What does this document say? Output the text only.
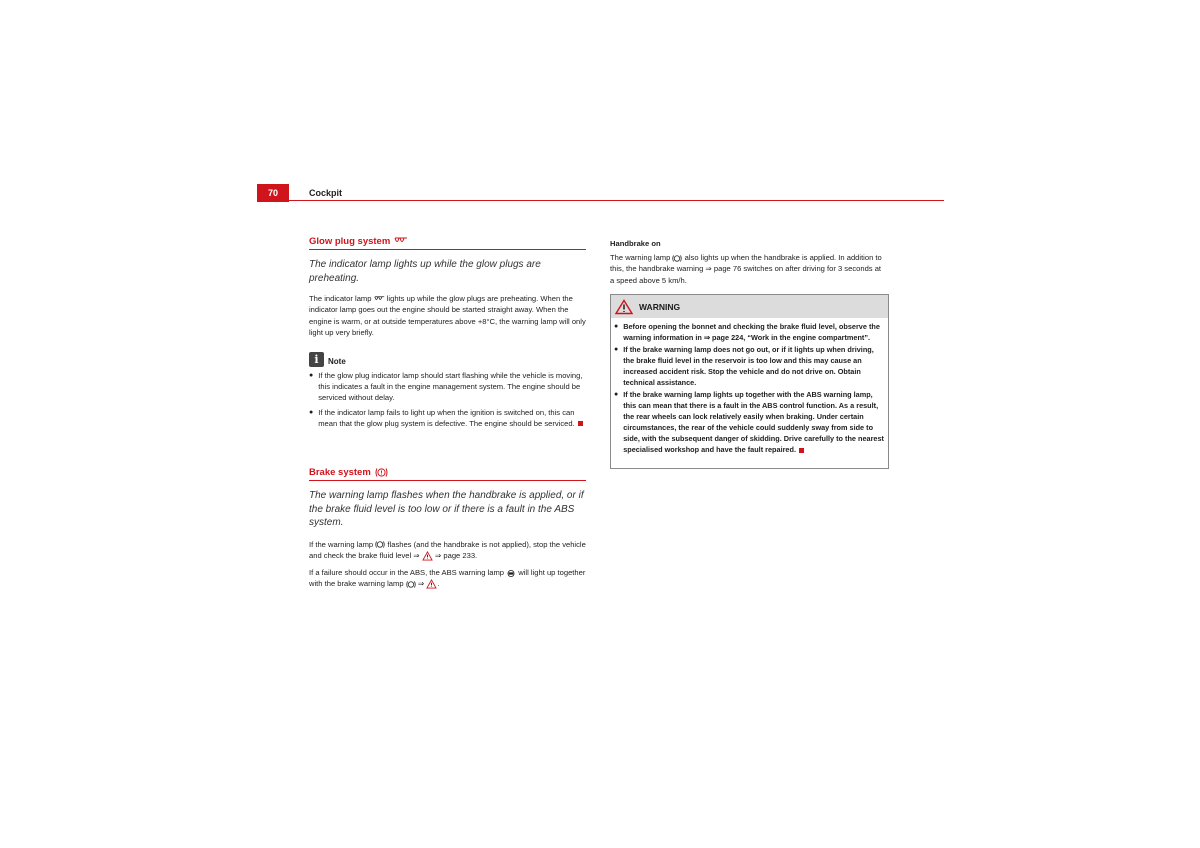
70	Cockpit
Glow plug system
The indicator lamp lights up while the glow plugs are preheating.

The indicator lamp lights up while the glow plugs are preheating. When the indicator lamp goes out the engine should be started straight away. When the engine is warm, or at outside temperatures above +8°C, the warning lamp will only light up very briefly.

i	Note

● If the glow plug indicator lamp should start flashing while the vehicle is moving, this indicates a fault in the engine management system. The engine should be serviced without delay.

● If the indicator lamp fails to light up when the ignition is switched on, this can mean that the glow plug system is defective. The engine should be serviced.

Brake system !
The warning lamp flashes when the handbrake is applied, or if the brake fluid level is too low or if there is a fault in the ABS system.

If the warning lamp flashes (and the handbrake is not applied), stop the vehicle and check the brake fluid level ⇒ ⇒ page 233.

If a failure should occur in the ABS, the ABS warning lamp will light up together with the brake warning lamp ⇒ .

Handbrake on

The warning lamp also lights up when the handbrake is applied. In addition to this, the handbrake warning ⇒ page 76 switches on after driving for 3 seconds at a speed above 5 km/h.

WARNING

● Before opening the bonnet and checking the brake fluid level, observe the warning information in ⇒ page 224, “Work in the engine compartment”.

● If the brake warning lamp does not go out, or if it lights up when driving, the brake fluid level in the reservoir is too low and this may cause an increased accident risk. Stop the vehicle and do not drive on. Obtain technical assistance.

● If the brake warning lamp lights up together with the ABS warning lamp, this can mean that there is a fault in the ABS control function. As a result, the rear wheels can lock relatively easily when braking. Under certain circumstances, the rear of the vehicle could suddenly sway from side to side, with the subsequent danger of skidding. Drive carefully to the nearest specialised workshop and have the fault repaired.
